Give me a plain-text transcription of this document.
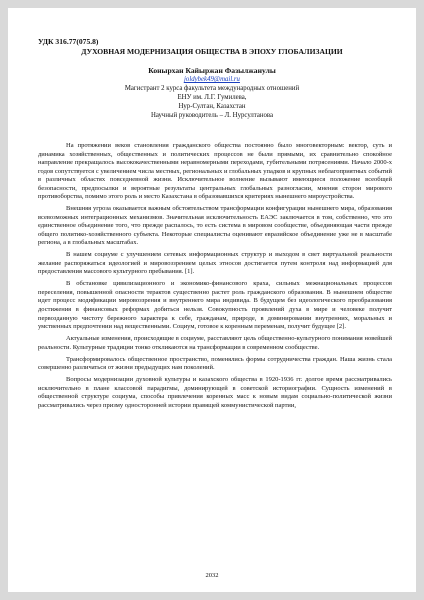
УДК 316.77(075.8)
ДУХОВНАЯ МОДЕРНИЗАЦИЯ ОБЩЕСТВА В ЭПОХУ ГЛОБАЛИЗАЦИИ
Конырхан Кайыржан Фазылжанулы
joldybek49@mail.ru
Магистрант 2 курса факультета международных отношений
ЕНУ им. Л.Г. Гумилева,
Нур-Султан, Казахстан
Научный руководитель – Л. Нурсултанова

На протяжении веков становления гражданского общества постоянно было многовекторным: вектор, суть и динамика хозяйственных, общественных и политических процессов не были прямыми, их сравнительно спокойное направление прекращалось высококачественными неравномерными переходами, губительными потрясениями. Начало 2000-х годов сопутствуется с увеличением числа местных, региональных и глобальных упадков и крупных неблагоприятных событий в различных областях повседневной жизни. Исключительное волнение вызывают имеющиеся положение всеобщей безопасности, предпосылки и вероятные результаты центральных глобальных разногласии, мнения сторон мирового противоборства, помимо этого роль и место Казахстана в образовавшихся критериях нынешнего мироустройства.

Внешняя угроза оказывается важным обстоятельством трансформации конфигурации нынешнего мира, образования всевозможных интеграционных механизмов. Значительная исключительность ЕАЭС заключается в том, собственно, что это единственное объединение того, что прежде распалось, то есть система в мировом сообществе, объединяющая части прежде общего политико-хозяйственного субъекта. Некоторые специалисты оценивают евразийское объединение уже не в масштабе региона, а в глобальных масштабах.

В нашем социуме с улучшением сетевых информационных структур и выходом в свет виртуальной реальности желание распоряжаться идеологией и мировоззрением целых этносов достигается путем контроля над информацией для предоставления массового культурного пребывания. [1].

В обстановке цивилизационного и экономико-финансового краха, сильных межнациональных процессов переселения, повышенной опасности терактов существенно растет роль гражданского образования. В нынешнем обществе идет процесс модификации мировоззрения и внутреннего мира индивида. В будущем без идеологического преобразования достижения в финансовых реформах добиться нельзя. Совокупность проявлений духа в мире и человеке получит первозданную чистоту бережного характера к себе, гражданам, природе, в доминировании внутренних, моральных и умственных предпочтении над вещественными. Социум, готовое к коренным переменам, получит будущее [2].

Актуальные изменения, происходящие в социуме, расставляют цель общественно-культурного понимания новейшей реальности. Культурные традиции тонко откликаются на трансформации в современном сообществе.

Трансформировалось общественное пространство, поменялись формы сотрудничества граждан. Наша жизнь стала совершенно различаться от жизни предыдущих нам поколений.

Вопросы модернизации духовной культуры и казахского общества в 1920-1936 гг. долгое время рассматривались исключительно в плане классовой парадигмы, доминирующей в советской историографии. Сущность изменений в общественной структуре социума, способы привлечения коренных масс к новым видам социально-политической жизни рассматривались через призму односторонней истории правящей коммунистической партии,

2032
